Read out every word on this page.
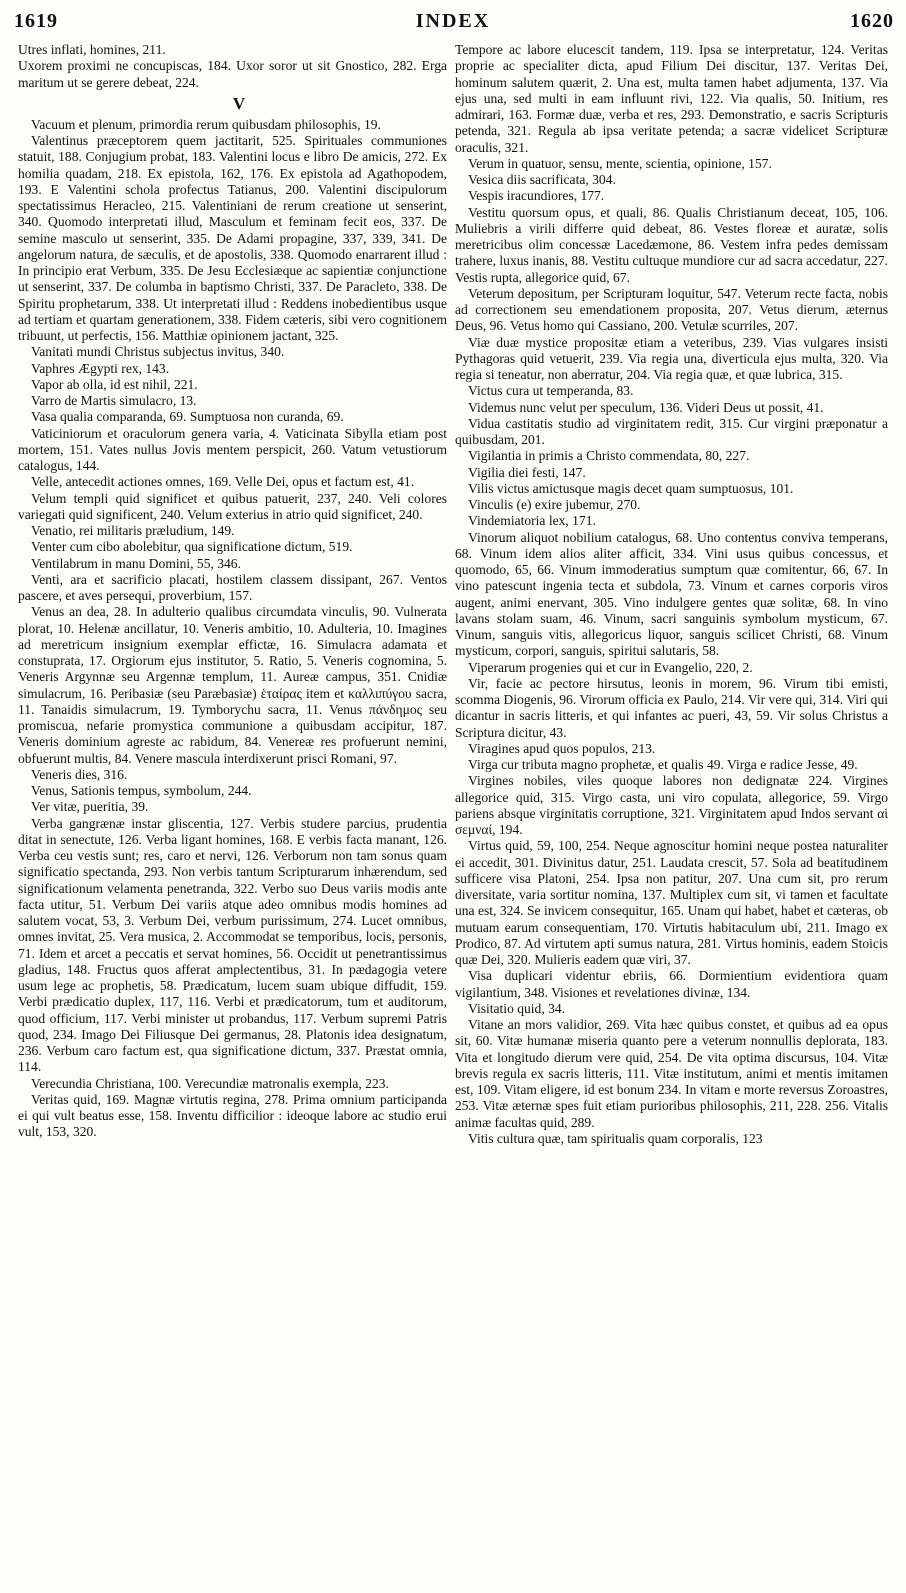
1619	INDEX	1620

Utres inflati, homines, 211.

Uxorem proximi ne concupiscas, 184. Uxor soror ut sit Gnostico, 282. Erga maritum ut se gerere debeat, 224.

V

Vacuum et plenum, primordia rerum quibusdam philosophis, 19.

Valentinus præceptorem quem jactitarit, 525. Spirituales communiones statuit, 188. Conjugium probat, 183. Valentini locus e libro De amicis, 272. Ex homilia quadam, 218. Ex epistola, 162, 176. Ex epistola ad Agathopodem, 193. E Valentini schola profectus Tatianus, 200. Valentini discipulorum spectatissimus Heracleo, 215. Valentiniani de rerum creatione ut senserint, 340. Quomodo interpretati illud, Masculum et feminam fecit eos, 337. De semine masculo ut senserint, 335. De Adami propagine, 337, 339, 341. De angelorum natura, de sæculis, et de apostolis, 338. Quomodo enarrarent illud : In principio erat Verbum, 335. De Jesu Ecclesiæque ac sapientiæ conjunctione ut senserint, 337. De columba in baptismo Christi, 337. De Paracleto, 338. De Spiritu prophetarum, 338. Ut interpretati illud : Reddens inobedientibus usque ad tertiam et quartam generationem, 338. Fidem cæteris, sibi vero cognitionem tribuunt, ut perfectis, 156. Matthiæ opinionem jactant, 325.

Vanitati mundi Christus subjectus invitus, 340.

Vaphres Ægypti rex, 143.

Vapor ab olla, id est nihil, 221.

Varro de Martis simulacro, 13.

Vasa qualia comparanda, 69. Sumptuosa non curanda, 69.

Vaticiniorum et oraculorum genera varia, 4. Vaticinata Sibylla etiam post mortem, 151. Vates nullus Jovis mentem perspicit, 260. Vatum vetustiorum catalogus, 144.

Velle, antecedit actiones omnes, 169. Velle Dei, opus et factum est, 41.

Velum templi quid significet et quibus patuerit, 237, 240. Veli colores variegati quid significent, 240. Velum exterius in atrio quid significet, 240.

Venatio, rei militaris præludium, 149.

Venter cum cibo abolebitur, qua significatione dictum, 519.

Ventilabrum in manu Domini, 55, 346.

Venti, ara et sacrificio placati, hostilem classem dissipant, 267. Ventos pascere, et aves persequi, proverbium, 157.

Venus an dea, 28. In adulterio qualibus circumdata vinculis, 90. Vulnerata plorat, 10. Helenæ ancillatur, 10. Veneris ambitio, 10. Adulteria, 10. Imagines ad meretricum insignium exemplar effictæ, 16. Simulacra adamata et constuprata, 17. Orgiorum ejus institutor, 5. Ratio, 5. Veneris cognomina, 5. Veneris Argynnæ seu Argennæ templum, 11. Aureæ campus, 351. Cnidiæ simulacrum, 16. Peribasiæ (seu Paræbasiæ) ἑταίρας item et καλλιπύγου sacra, 11. Tanaidis simulacrum, 19. Tymborychu sacra, 11. Venus πάνδημος seu promiscua, nefarie promystica communione a quibusdam accipitur, 187. Veneris dominium agreste ac rabidum, 84. Venereæ res profuerunt nemini, obfuerunt multis, 84. Venere mascula interdixerunt prisci Romani, 97.

Veneris dies, 316.

Venus, Sationis tempus, symbolum, 244.

Ver vitæ, pueritia, 39.

Verba gangrænæ instar gliscentia, 127. Verbis studere parcius, prudentia ditat in senectute, 126. Verba ligant homines, 168. E verbis facta manant, 126. Verba ceu vestis sunt; res, caro et nervi, 126. Verborum non tam sonus quam significatio spectanda, 293. Non verbis tantum Scripturarum inhærendum, sed significationum velamenta penetranda, 322. Verbo suo Deus variis modis ante facta utitur, 51. Verbum Dei variis atque adeo omnibus modis homines ad salutem vocat, 53, 3. Verbum Dei, verbum purissimum, 274. Lucet omnibus, omnes invitat, 25. Vera musica, 2. Accommodat se temporibus, locis, personis, 71. Idem et arcet a peccatis et servat homines, 56. Occidit ut penetrantissimus gladius, 148. Fructus quos afferat amplectentibus, 31. In pædagogia vetere usum lege ac prophetis, 58. Prædicatum, lucem suam ubique diffudit, 159. Verbi prædicatio duplex, 117, 116. Verbi et prædicatorum, tum et auditorum, quod officium, 117. Verbi minister ut probandus, 117. Verbum supremi Patris quod, 234. Imago Dei Filiusque Dei germanus, 28. Platonis idea designatum, 236. Verbum caro factum est, qua significatione dictum, 337. Præstat omnia, 114.

Verecundia Christiana, 100. Verecundiæ matronalis exempla, 223.

Veritas quid, 169. Magnæ virtutis regina, 278. Prima omnium participanda ei qui vult beatus esse, 158. Inventu difficilior : ideoque labore ac studio erui vult, 153, 320.

Tempore ac labore elucescit tandem, 119. Ipsa se interpretatur, 124. Veritas proprie ac specialiter dicta, apud Filium Dei discitur, 137. Veritas Dei, hominum salutem quærit, 2. Una est, multa tamen habet adjumenta, 137. Via ejus una, sed multi in eam influunt rivi, 122. Via qualis, 50. Initium, res admirari, 163. Formæ duæ, verba et res, 293. Demonstratio, e sacris Scripturis petenda, 321. Regula ab ipsa veritate petenda; a sacræ videlicet Scripturæ oraculis, 321.

Verum in quatuor, sensu, mente, scientia, opinione, 157.

Vesica diis sacrificata, 304.

Vespis iracundiores, 177.

Vestitu quorsum opus, et quali, 86. Qualis Christianum deceat, 105, 106. Muliebris a virili differre quid debeat, 86. Vestes floreæ et auratæ, solis meretricibus olim concessæ Lacedæmone, 86. Vestem infra pedes demissam trahere, luxus inanis, 88. Vestitu cultuque mundiore cur ad sacra accedatur, 227. Vestis rupta, allegorice quid, 67.

Veterum depositum, per Scripturam loquitur, 547. Veterum recte facta, nobis ad correctionem seu emendationem proposita, 207. Vetus dierum, æternus Deus, 96. Vetus homo qui Cassiano, 200. Vetulæ scurriles, 207.

Viæ duæ mystice propositæ etiam a veteribus, 239. Vias vulgares insisti Pythagoras quid vetuerit, 239. Via regia una, diverticula ejus multa, 320. Via regia si teneatur, non aberratur, 204. Via regia quæ, et quæ lubrica, 315.

Victus cura ut temperanda, 83.

Videmus nunc velut per speculum, 136. Videri Deus ut possit, 41.

Vidua castitatis studio ad virginitatem redit, 315. Cur virgini præponatur a quibusdam, 201.

Vigilantia in primis a Christo commendata, 80, 227.

Vigilia diei festi, 147.

Vilis victus amictusque magis decet quam sumptuosus, 101.

Vinculis (e) exire jubemur, 270.

Vindemiatoria lex, 171.

Vinorum aliquot nobilium catalogus, 68. Uno contentus conviva temperans, 68. Vinum idem alios aliter afficit, 334. Vini usus quibus concessus, et quomodo, 65, 66. Vinum immoderatius sumptum quæ comitentur, 66, 67. In vino patescunt ingenia tecta et subdola, 73. Vinum et carnes corporis viros augent, animi enervant, 305. Vino indulgere gentes quæ solitæ, 68. In vino lavans stolam suam, 46. Vinum, sacri sanguinis symbolum mysticum, 67. Vinum, sanguis vitis, allegoricus liquor, sanguis scilicet Christi, 68. Vinum mysticum, corpori, sanguis, spiritui salutaris, 58.

Viperarum progenies qui et cur in Evangelio, 220, 2.

Vir, facie ac pectore hirsutus, leonis in morem, 96. Virum tibi emisti, scomma Diogenis, 96. Virorum officia ex Paulo, 214. Vir vere qui, 314. Viri qui dicantur in sacris litteris, et qui infantes ac pueri, 43, 59. Vir solus Christus a Scriptura dicitur, 43.

Viragines apud quos populos, 213.

Virga cur tributa magno prophetæ, et qualis 49. Virga e radice Jesse, 49.

Virgines nobiles, viles quoque labores non dedignatæ 224. Virgines allegorice quid, 315. Virgo casta, uni viro copulata, allegorice, 59. Virgo pariens absque virginitatis corruptione, 321. Virginitatem apud Indos servant αἱ σεμναί, 194.

Virtus quid, 59, 100, 254. Neque agnoscitur homini neque postea naturaliter ei accedit, 301. Divinitus datur, 251. Laudata crescit, 57. Sola ad beatitudinem sufficere visa Platoni, 254. Ipsa non patitur, 207. Una cum sit, pro rerum diversitate, varia sortitur nomina, 137. Multiplex cum sit, vi tamen et facultate una est, 324. Se invicem consequitur, 165. Unam qui habet, habet et cæteras, ob mutuam earum consequentiam, 170. Virtutis habitaculum ubi, 211. Imago ex Prodico, 87. Ad virtutem apti sumus natura, 281. Virtus hominis, eadem Stoicis quæ Dei, 320. Mulieris eadem quæ viri, 37.

Visa duplicari videntur ebriis, 66. Dormientium evidentiora quam vigilantium, 348. Visiones et revelationes divinæ, 134.

Visitatio quid, 34.

Vitane an mors validior, 269. Vita hæc quibus constet, et quibus ad ea opus sit, 60. Vitæ humanæ miseria quanto pere a veterum nonnullis deplorata, 183. Vita et longitudo dierum vere quid, 254. De vita optima discursus, 104. Vitæ brevis regula ex sacris litteris, 111. Vitæ institutum, animi et mentis imitamen est, 109. Vitam eligere, id est bonum 234. In vitam e morte reversus Zoroastres, 253. Vitæ æternæ spes fuit etiam purioribus philosophis, 211, 228. 256. Vitalis animæ facultas quid, 289.

Vitis cultura quæ, tam spiritualis quam corporalis, 123
